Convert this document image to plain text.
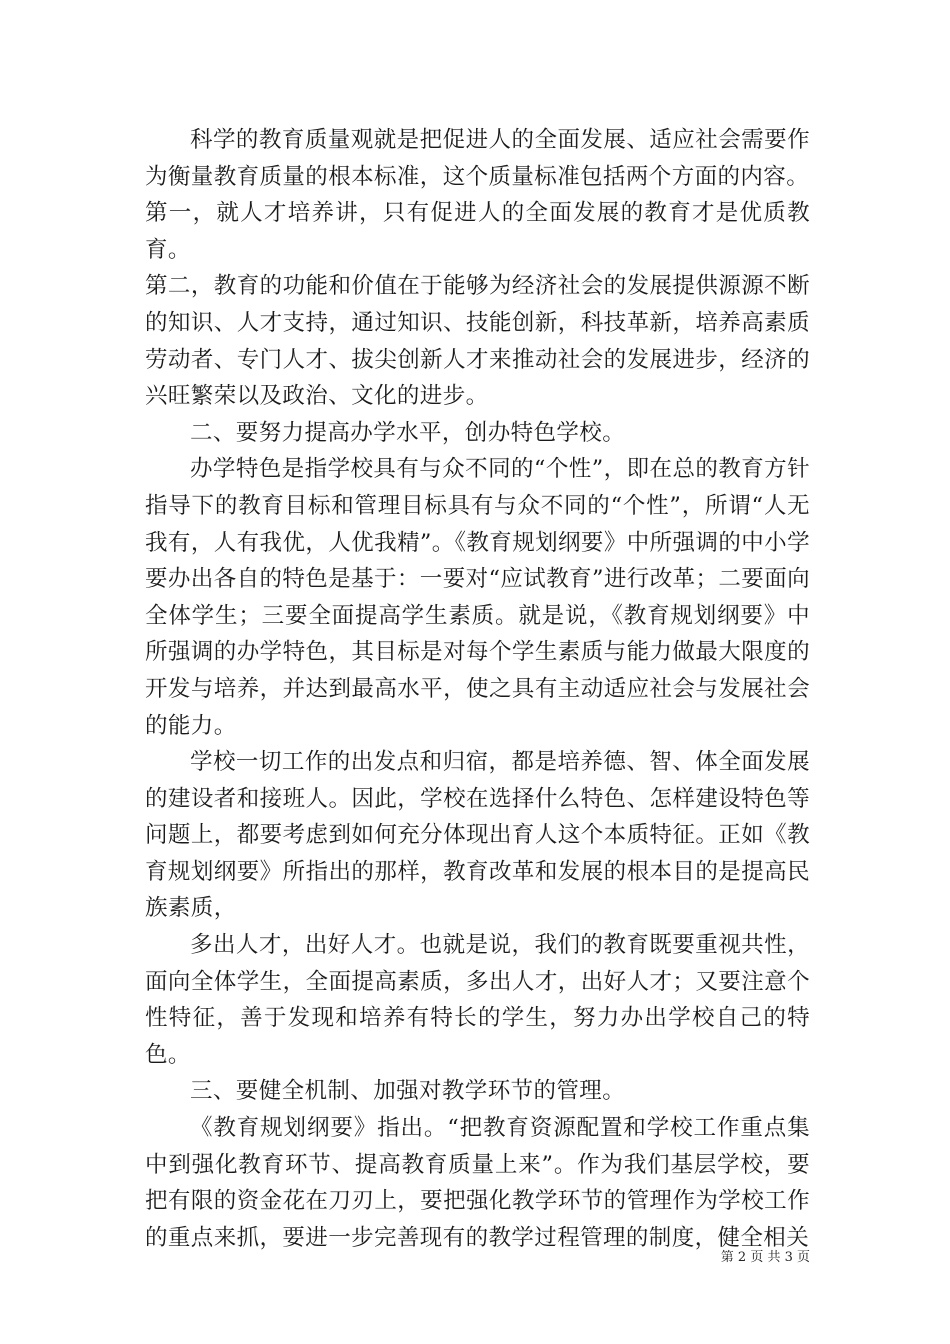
科学的教育质量观就是把促进人的全面发展、适应社会需要作为衡量教育质量的根本标准，这个质量标准包括两个方面的内容。

第一，就人才培养讲，只有促进人的全面发展的教育才是优质教育。

第二，教育的功能和价值在于能够为经济社会的发展提供源源不断的知识、人才支持，通过知识、技能创新，科技革新，培养高素质劳动者、专门人才、拔尖创新人才来推动社会的发展进步，经济的兴旺繁荣以及政治、文化的进步。

二、要努力提高办学水平，创办特色学校。

办学特色是指学校具有与众不同的“个性”，即在总的教育方针指导下的教育目标和管理目标具有与众不同的“个性”，所谓“人无我有，人有我优，人优我精”。《教育规划纲要》中所强调的中小学要办出各自的特色是基于：一要对“应试教育”进行改革；二要面向全体学生；三要全面提高学生素质。就是说，《教育规划纲要》中所强调的办学特色，其目标是对每个学生素质与能力做最大限度的开发与培养，并达到最高水平，使之具有主动适应社会与发展社会的能力。

学校一切工作的出发点和归宿，都是培养德、智、体全面发展的建设者和接班人。因此，学校在选择什么特色、怎样建设特色等问题上，都要考虑到如何充分体现出育人这个本质特征。正如《教育规划纲要》所指出的那样，教育改革和发展的根本目的是提高民族素质，

多出人才，出好人才。也就是说，我们的教育既要重视共性，面向全体学生，全面提高素质，多出人才，出好人才；又要注意个性特征，善于发现和培养有特长的学生，努力办出学校自己的特色。

三、要健全机制、加强对教学环节的管理。

《教育规划纲要》指出。“把教育资源配置和学校工作重点集中到强化教育环节、提高教育质量上来”。作为我们基层学校，要把有限的资金花在刀刃上，要把强化教学环节的管理作为学校工作的重点来抓，要进一步完善现有的教学过程管理的制度，健全相关

第 2 页 共 3 页
